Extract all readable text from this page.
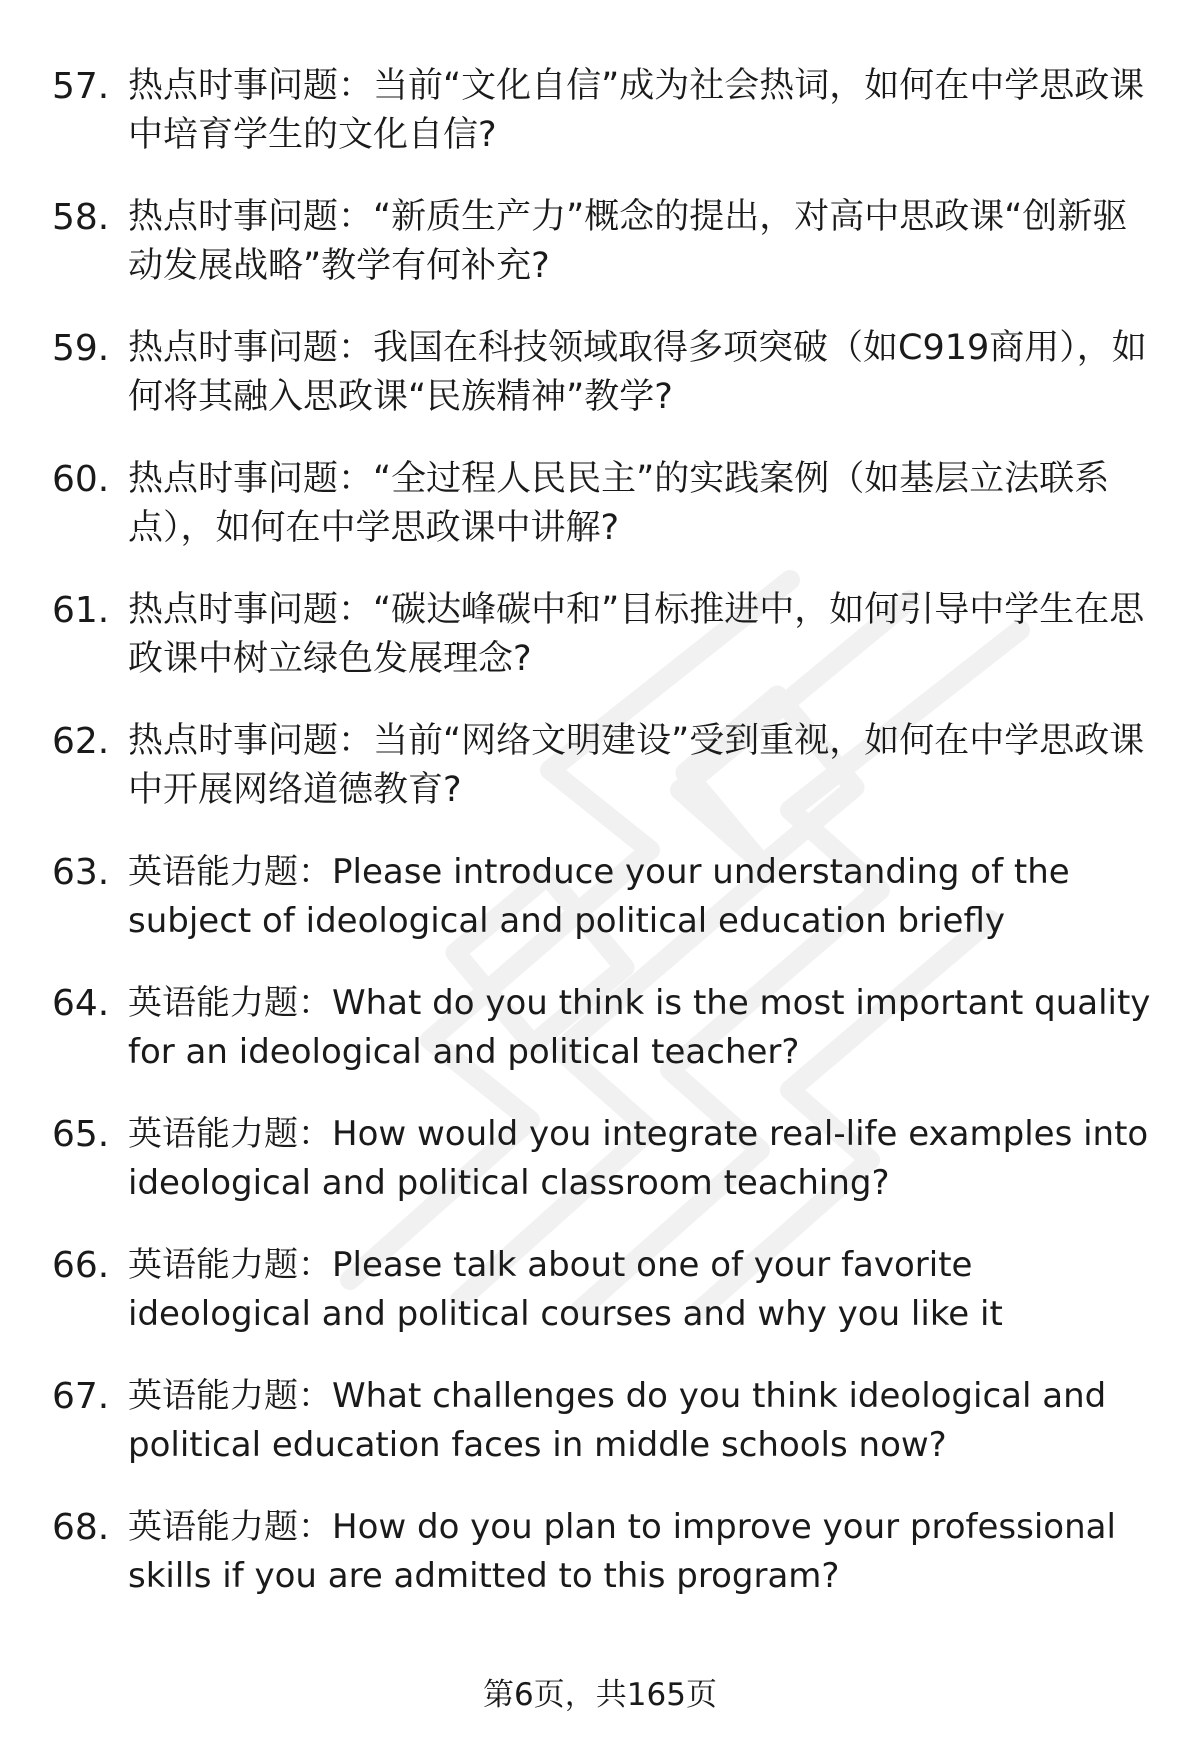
57. 热点时事问题：当前“文化自信”成为社会热词，如何在中学思政课中培育学生的文化自信?
58. 热点时事问题：“新质生产力”概念的提出，对高中思政课“创新驱动发展战略”教学有何补充?
59. 热点时事问题：我国在科技领域取得多项突破（如C919商用），如何将其融入思政课“民族精神”教学?
60. 热点时事问题：“全过程人民民主”的实践案例（如基层立法联系点），如何在中学思政课中讲解?
61. 热点时事问题：“碳达峰碳中和”目标推进中，如何引导中学生在思政课中树立绿色发展理念?
62. 热点时事问题：当前“网络文明建设”受到重视，如何在中学思政课中开展网络道德教育?
63. 英语能力题：Please introduce your understanding of the subject of ideological and political education briefly
64. 英语能力题：What do you think is the most important quality for an ideological and political teacher?
65. 英语能力题：How would you integrate real-life examples into ideological and political classroom teaching?
66. 英语能力题：Please talk about one of your favorite ideological and political courses and why you like it
67. 英语能力题：What challenges do you think ideological and political education faces in middle schools now?
68. 英语能力题：How do you plan to improve your professional skills if you are admitted to this program?
第6页，共165页
